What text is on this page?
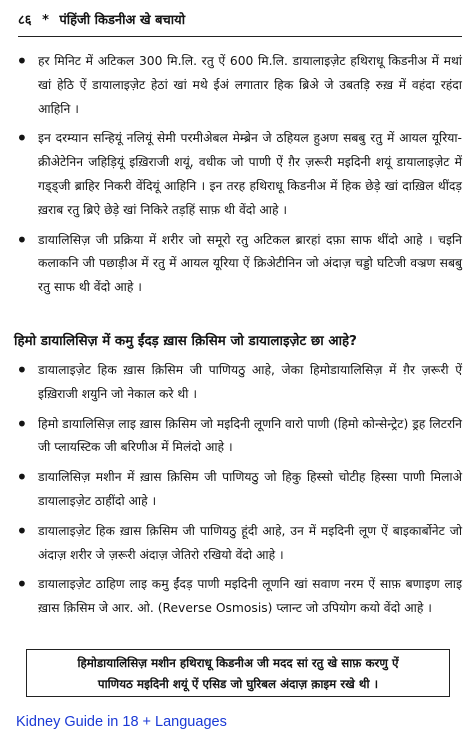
८६ * पंहिंजी किडनीअ खे बचायो
• हर मिनिट में अटिकल 300 मि.लि. रतु ऐं 600 मि.लि. डायालाइज़ेट हथिराधू किडनीअ में मथां खां हेठि ऐं डायालाइज़ेट हेठां खां मथे ईअं लगातार हिक ब्रिअे जे उबतड़ि रुख़ में वहंदा रहंदा आहिनि ।
• इन दरम्यान सन्हियूं नलियूं सेमी परमीअेबल मेम्ब्रेन जे ठहियल हुअण सबबु रतु में आयल यूरिया-क्रीअेटेनिन जहिड़ियूं इख़िराजी शयूं, वधीक जो पाणी ऐं ग़ैर ज़रूरी मइदिनी शयूं डायालाइज़ेट में गड्ड्जी ब्राहिर निकरी वेंदियूं आहिनि । इन तरह हथिराधू किडनीअ में हिक छेड़े खां दाख़िल थींदड़ ख़राब रतु ब्रिऐ छेड़े खां निकिरे तड़हिं साफ़ थी वेंदो आहे ।
• डायालिसिज़ जी प्रक्रिया में शरीर जो समूरो रतु अटिकल ब्रारहां दफ़ा साफ थींदो आहे । चइनि कलाकनि जी पछाड़ीअ में रतु में आयल यूरिया ऐं क्रिअेटीनिन जो अंदाज़ चड्डो घटिजी वञ्रण सबबु रतु साफ थी वेंदो आहे ।
हिमो डायालिसिज़ में कमु ईंदड़ ख़ास क़िसिम जो डायालाइज़ेट छा आहे?
• डायालाइज़ेट हिक ख़ास क़िसिम जी पाणियठु आहे, जेका हिमोडायालिसिज़ में ग़ैर ज़रूरी ऐं इख़िराजी शयुनि जो नेकाल करे थी ।
• हिमो डायालिसिज़ लाइ ख़ास क़िसिम जो मइदिनी लूणनि वारो पाणी (हिमो कोन्सेन्ट्रेट) ड्रह लिटरनि जी प्लायस्टिक जी बरिणीअ में मिलंदो आहे ।
• डायालिसिज़ मशीन में ख़ास क़िसिम जी पाणियठु जो हिकु हिस्सो चोटीह हिस्सा पाणी मिलाअे डायालाइज़ेट ठाहींदो आहे ।
• डायालाइज़ेट हिक ख़ास क़िसिम जी पाणियठु हूंदी आहे, उन में मइदिनी लूण ऐं बाइकार्बोनेट जो अंदाज़ शरीर जे ज़रूरी अंदाज़ जेतिरो रखियो वेंदो आहे ।
• डायालाइज़ेट ठाहिण लाइ कमु ईंदड़ पाणी मइदिनी लूणनि खां सवाण नरम ऐं साफ़ बणाइण लाइ ख़ास क़िसिम जे आर. ओ. (Reverse Osmosis) प्लान्ट जो उपियोग कयो वेंदो आहे ।
हिमोडायालिसिज़ मशीन हथिराधू किडनीअ जी मदद सां रतु खे साफ़ करणु ऐं
पाणियठ मइदिनी शयूं ऐं एसिड जो घुरिबल अंदाज़ क़ाइम रखे थी ।
Kidney Guide in 18 + Languages
